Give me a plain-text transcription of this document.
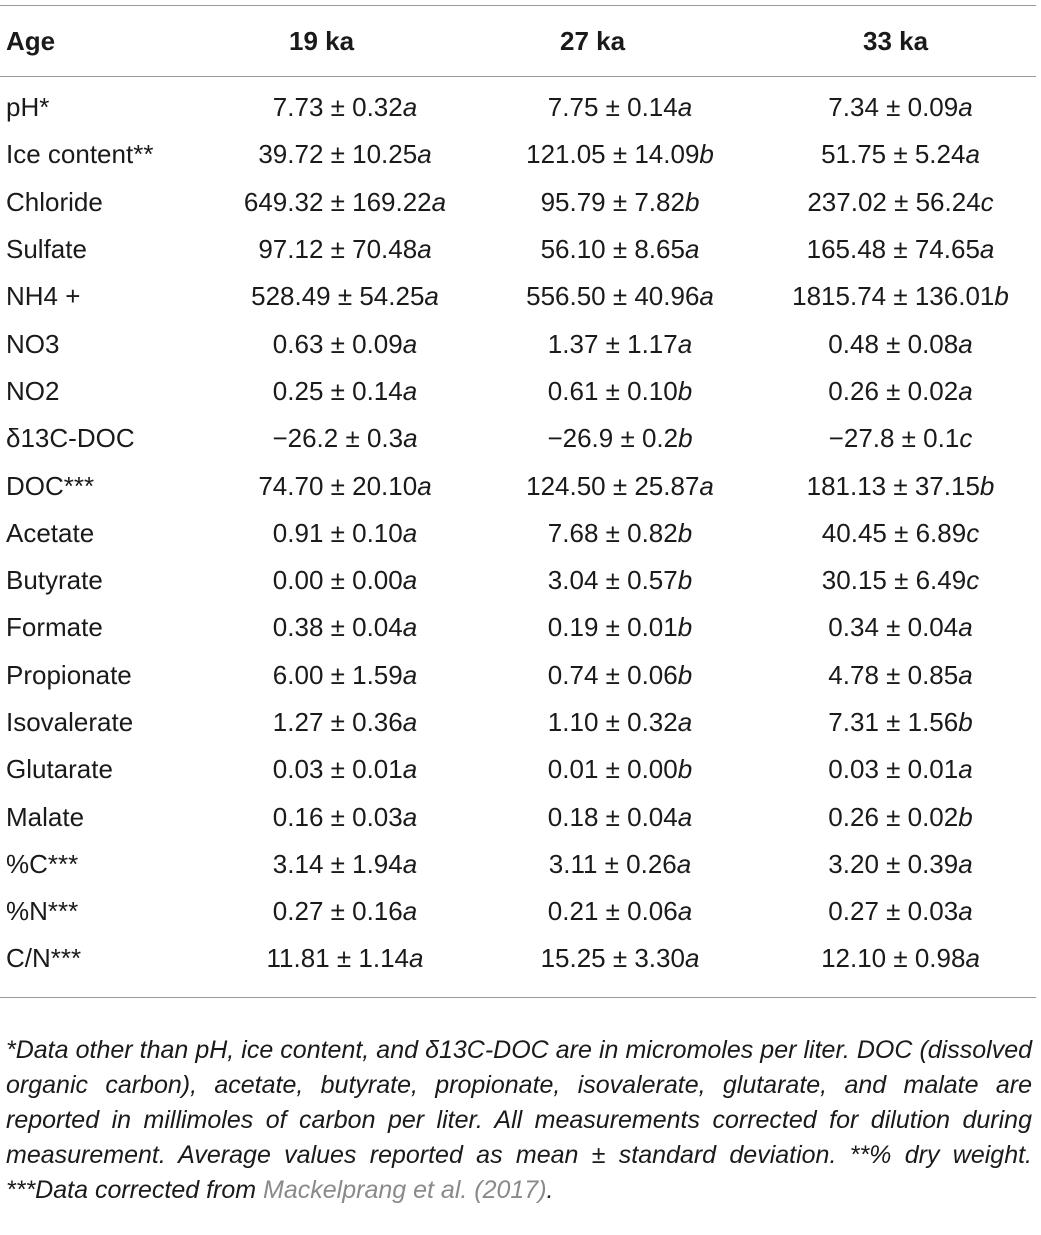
Age	19 ka	27 ka	33 ka
pH*	7.73 ± 0.32a	7.75 ± 0.14a	7.34 ± 0.09a
Ice content**	39.72 ± 10.25a	121.05 ± 14.09b	51.75 ± 5.24a
Chloride	649.32 ± 169.22a	95.79 ± 7.82b	237.02 ± 56.24c
Sulfate	97.12 ± 70.48a	56.10 ± 8.65a	165.48 ± 74.65a
NH4 +	528.49 ± 54.25a	556.50 ± 40.96a	1815.74 ± 136.01b
NO3	0.63 ± 0.09a	1.37 ± 1.17a	0.48 ± 0.08a
NO2	0.25 ± 0.14a	0.61 ± 0.10b	0.26 ± 0.02a
δ13C-DOC	−26.2 ± 0.3a	−26.9 ± 0.2b	−27.8 ± 0.1c
DOC***	74.70 ± 20.10a	124.50 ± 25.87a	181.13 ± 37.15b
Acetate	0.91 ± 0.10a	7.68 ± 0.82b	40.45 ± 6.89c
Butyrate	0.00 ± 0.00a	3.04 ± 0.57b	30.15 ± 6.49c
Formate	0.38 ± 0.04a	0.19 ± 0.01b	0.34 ± 0.04a
Propionate	6.00 ± 1.59a	0.74 ± 0.06b	4.78 ± 0.85a
Isovalerate	1.27 ± 0.36a	1.10 ± 0.32a	7.31 ± 1.56b
Glutarate	0.03 ± 0.01a	0.01 ± 0.00b	0.03 ± 0.01a
Malate	0.16 ± 0.03a	0.18 ± 0.04a	0.26 ± 0.02b
%C***	3.14 ± 1.94a	3.11 ± 0.26a	3.20 ± 0.39a
%N***	0.27 ± 0.16a	0.21 ± 0.06a	0.27 ± 0.03a
C/N***	11.81 ± 1.14a	15.25 ± 3.30a	12.10 ± 0.98a

*Data other than pH, ice content, and δ13C-DOC are in micromoles per liter. DOC (dissolved organic carbon), acetate, butyrate, propionate, isovalerate, glutarate, and malate are reported in millimoles of carbon per liter. All measurements corrected for dilution during measurement. Average values reported as mean ± standard deviation. **% dry weight. ***Data corrected from Mackelprang et al. (2017).
